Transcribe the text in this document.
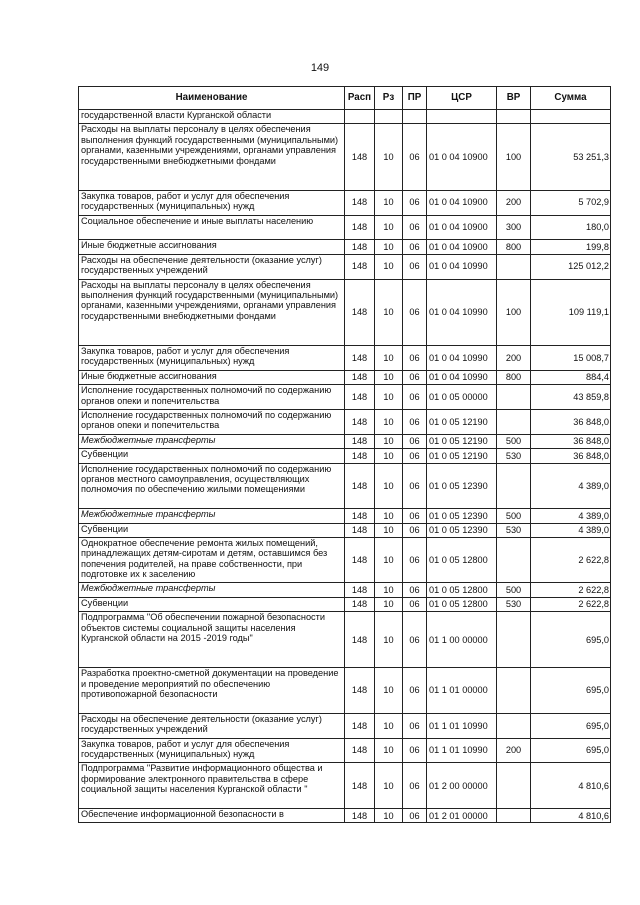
149
Наименование	Расп	Рз	ПР	ЦСР	ВР	Сумма
государственной власти Курганской области						
Расходы на выплаты персоналу в целях обеспечения выполнения функций государственными (муниципальными) органами, казенными учреждениями, органами управления государственными внебюджетными фондами	148	10	06	01 0 04 10900	100	53 251,3
Закупка товаров, работ и услуг для обеспечения государственных (муниципальных) нужд	148	10	06	01 0 04 10900	200	5 702,9
Социальное обеспечение и иные выплаты населению	148	10	06	01 0 04 10900	300	180,0
Иные бюджетные ассигнования	148	10	06	01 0 04 10900	800	199,8
Расходы на обеспечение деятельности (оказание услуг) государственных учреждений	148	10	06	01 0 04 10990		125 012,2
Расходы на выплаты персоналу в целях обеспечения выполнения функций государственными (муниципальными) органами, казенными учреждениями, органами управления государственными внебюджетными фондами	148	10	06	01 0 04 10990	100	109 119,1
Закупка товаров, работ и услуг для обеспечения государственных (муниципальных) нужд	148	10	06	01 0 04 10990	200	15 008,7
Иные бюджетные ассигнования	148	10	06	01 0 04 10990	800	884,4
Исполнение государственных полномочий по содержанию органов опеки и попечительства	148	10	06	01 0 05 00000		43 859,8
Исполнение государственных полномочий по содержанию органов опеки и попечительства	148	10	06	01 0 05 12190		36 848,0
Межбюджетные трансферты	148	10	06	01 0 05 12190	500	36 848,0
Субвенции	148	10	06	01 0 05 12190	530	36 848,0
Исполнение государственных полномочий по содержанию органов местного самоуправления, осуществляющих полномочия по обеспечению жилыми помещениями	148	10	06	01 0 05 12390		4 389,0
Межбюджетные трансферты	148	10	06	01 0 05 12390	500	4 389,0
Субвенции	148	10	06	01 0 05 12390	530	4 389,0
Однократное обеспечение ремонта жилых помещений, принадлежащих детям-сиротам и детям, оставшимся без попечения родителей, на праве собственности, при подготовке их к заселению	148	10	06	01 0 05 12800		2 622,8
Межбюджетные трансферты	148	10	06	01 0 05 12800	500	2 622,8
Субвенции	148	10	06	01 0 05 12800	530	2 622,8
Подпрограмма "Об обеспечении пожарной безопасности объектов системы социальной защиты населения Курганской области на 2015 -2019 годы"	148	10	06	01 1 00 00000		695,0
Разработка проектно-сметной документации на проведение и проведение мероприятий по обеспечению противопожарной безопасности	148	10	06	01 1 01 00000		695,0
Расходы на обеспечение деятельности (оказание услуг) государственных учреждений	148	10	06	01 1 01 10990		695,0
Закупка товаров, работ и услуг для обеспечения государственных (муниципальных) нужд	148	10	06	01 1 01 10990	200	695,0
Подпрограмма "Развитие информационного общества и формирование электронного правительства в сфере социальной защиты населения Курганской области "	148	10	06	01 2 00 00000		4 810,6
Обеспечение информационной безопасности в	148	10	06	01 2 01 00000		4 810,6
